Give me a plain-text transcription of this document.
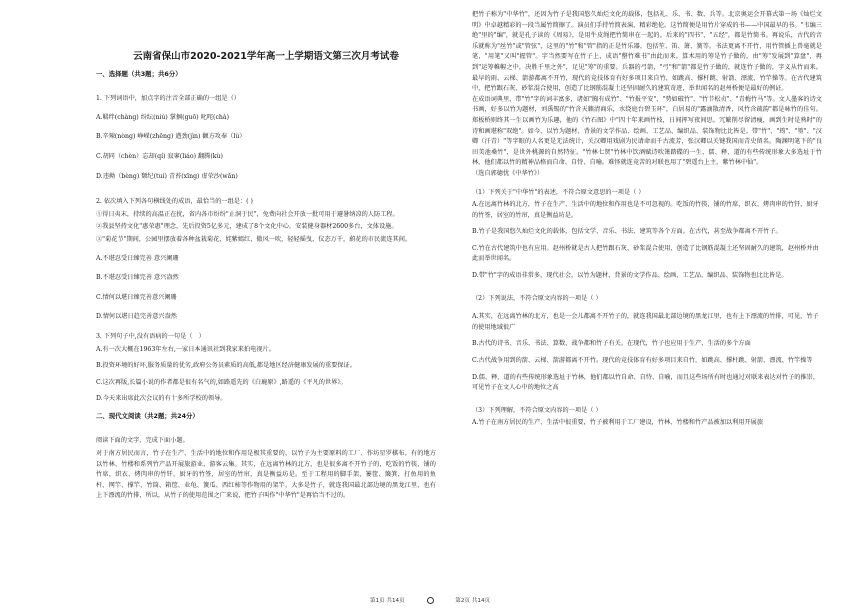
云南省保山市2020-2021学年高一上学期语文第三次月考试卷
一、选择题（共3题；共6分）

1. 下列词语中，加点字的注音全部正确的一组是（）

A.羁绊(chàng) 纷纭(niú) 掌掴(guō) 叱咤(chà)

B.辛辣(nòng) 峥嵘(zhēng) 遒劲(jìn) 颧方攻奉（lù）

C.胡同（chèn）忘却(qí) 寂寥(liáo) 翻腾(kù)

D.违拗（bèng) 颓纪(tuí) 青苔(xīng) 虚荣沙(wǎn)

2. 依次填入下列各句横线处的成语，最恰当的一组是：( )

①得日夷末，持续的高温正在扰，省内各市纷纷"止洞于民"，免费向社会开放一批可用于避暑纳凉的人防工程。

②我县坚持文化"惠荣惠"理念，先后投资5亿多元，建成了8个文化中心，安装健身器材2600多台，文体设施。

③"菊花节"期间，公园里摆放着各种盆栽菊花，姹紫嫣红，傲风一吹，轻轻摇曳，仪态万千，蔚花的市民流连其间。

A.不堪忍受日臻完善 意兴阑珊

B.不堪忍受日臻完善 意兴盎然

C.情何以堪日臻完善意兴阑珊

D.情何以堪日趋完善意兴盎然

3. 下列句子中,没有语病的一句是（　）

A.有一次大概在1963年左右,一家日本通讯社到我家来拍电视片。

B.投资环境的好坏,服务质量的优劣,政府公务员素质的高低,都是地区经济健康发展的重要保证。

C.这次再版,长篇小说的作者都是很有名气的,如路遥先的《白鹿原》,路遥的《平凡的世界》。

D.今天来出席此次会议的有十多所学校的领导。

二、现代文阅读（共2题；共24分）

阅读下面的文字，完成下面小题。

对于南方居民而言，竹子在生产、生活中的地位和作用是极其重要的，以竹子为主要原料的工厂、作坊星罗棋布。有的地方以竹林、竹楼和系列竹产品开展旅游业，游客云集。其实，在远离竹林的北方，也是很多离不开竹子的，吃饭的竹筷，铺的竹席，织衣、烤肉串的竹钎，厨牙的竹签，居室的竹帘，真是衡益坊是。至于工程用的脚手架、篓筐、簸箕，打鱼用的鱼杆、网竿、撑竿，竹筒、箱筐、业龟、簧瓜、西红柿等作物用的架竿，大多是竹子，就连我国最北部边境的黑龙江里，也有上下漂流的竹排，所以，从竹子的使用范围之广来说，把竹子叫作"中华竹"是再恰当不过的。

把竹子称为"中华竹"，还因为竹子是我国悠久灿烂文化的载体，包括礼、乐、书、数、兵等。北京奥运会开幕式第一场《灿烂文明》中卓越精彩的一段当属竹简擦了。演员们手持竹简表演，精彩绝伦。这竹简便是用竹片穿成的书——中国最早的书。"韦编三绝"里的"编"，就是孔子读的《周易》，是用牛皮绳把竹简串在一起的。后来的"四书"、"五经"，都是竹简书。再说乐，古代的音乐就称为"丝竹"或"管弦"，这里的"竹"和"管"指的正是竹乐器，包括笙、笛、箫、簧等。书法更离不开竹，用竹管插上兽毫就是笔，"用笔"又叫"握管"。字当然要写在竹子上，成语"罄竹难书"由此而来。算术用的筹是竹子做的，由"筹"发展到"算盘"，再到"运筹帷幄之中，决胜千里之外"，足见"筹"的重要。兵器的弓箭，"弓"和"箭"都是竹子做的，就连竹子做的，字义从竹而来。最早的雨、云梯、箭游都离不开竹，现代的竞技体育有好多项目来自竹，如跳高、撑杆跳、射箭、漂流、竹竿操等。在古代建筑中，把竹跟石灰、砂浆混合使用，创造了比钢筋混凝土还坚固耐久的建筑奇迹，举世闻名的赵州桥便是最好的例证。

在成语词典里，带"竹"字的词丰富多，诸如"胸有成竹"、"竹报平安"、"势如破竹"、"竹节松贞"、"青梅竹马"等。文人墨客的诗文书画，好多以竹为题材，刘禹锡的"竹含天籁清商乐，水绕庭台碧玉环"，白居易的"露滴散清香，风竹含疏韵"都是咏竹的佳句。郑板桥则终其一生以画竹为乐趣，他的《竹石图》中"四十年来画竹枝，日间挥写夜间思。冗繁削尽留清瘦，画到生时是熟时"的诗和画堪称"双绝"。如今，以竹为题材、背景的文学作品、绘画、工艺品、编织品、装饰物比比皆是。带"竹"、"筠"、"篁"、"汉卿（汗青）"等字眼的人名更是无法统计，关汉卿用戏剧为民请命而千古流芳，张汉卿以关键我国而青史留名。陶渊明笔下的"良田美池桑竹"，是世外桃源的自然特征。"竹林七贤"竹林中饮酒赋诗吹箫踏碟的一生，儒、释、道的有些传统形象大多选址于竹林，他们都以竹的精神品格而自命、自恃、自喻。难怪就连竟苦的对联也用了"碧遥台上主，紫竹林中仙"。

（选自郭德忧《中华竹》）

（1）下列关于"中华竹"的表述，不符合原文意思的一项是（ ）

A.在远离竹林的北方，竹子在生产、生活中的地位和作用也是不可忽视的。吃饭的竹筷，铺的竹席，织衣、烤肉串的竹钎，厨牙的竹签，居室的竹帘，真是衡益坊是。

B.竹子是我国悠久灿烂文化的载体，包括文学、音乐、书法、建筑等各个方面。在古代，甚至战争都离不开竹子。

C.竹在古代建筑中也有应用。赵州桥就是古人把竹跟石灰、砂浆混合使用，创造了比钢筋混凝土还坚固耐久的建筑，赵州桥并由此而举世闻名。

D.带"竹"字的成语非常多，现代社会，以竹为题材、背景的文学作品、绘画、工艺品、编织品、装饰物也比比皆是。

（2）下列说法，不符合原文内容的一项是（ ）

A.其实，在远离竹林的北方，也是一会儿都离不开竹子的，就连我国最北部边境的黑龙江里，也有上下漂流的竹排，可见，竹子的使用地域很广

B.古代的诗书、音乐、书法、算数、战争都和竹子有关。在现代，竹子也应用于生产、生活的多个方面

C.古代战争用到的箭、云梯、箭游都离不开竹。现代的竞技体育有好多项目来自竹，如跳高、撑杆跳、射箭、漂流、竹竿操等

D.儒、释、道的有些传统形象选址于竹林，他们都以竹自命、自恃、自喻，而且这些场所有时也通过对联来表达对竹子的推崇，可见竹子在文人心中的地位之高

（3）下列理解，不符合原文内容的一项是（ ）

A.竹子在南方居民的生产、生活中很重要，竹子被利用于工厂建设，竹林、竹楼和竹产品被加以利用开展旅

第1页 共14页	第2页 共14页
